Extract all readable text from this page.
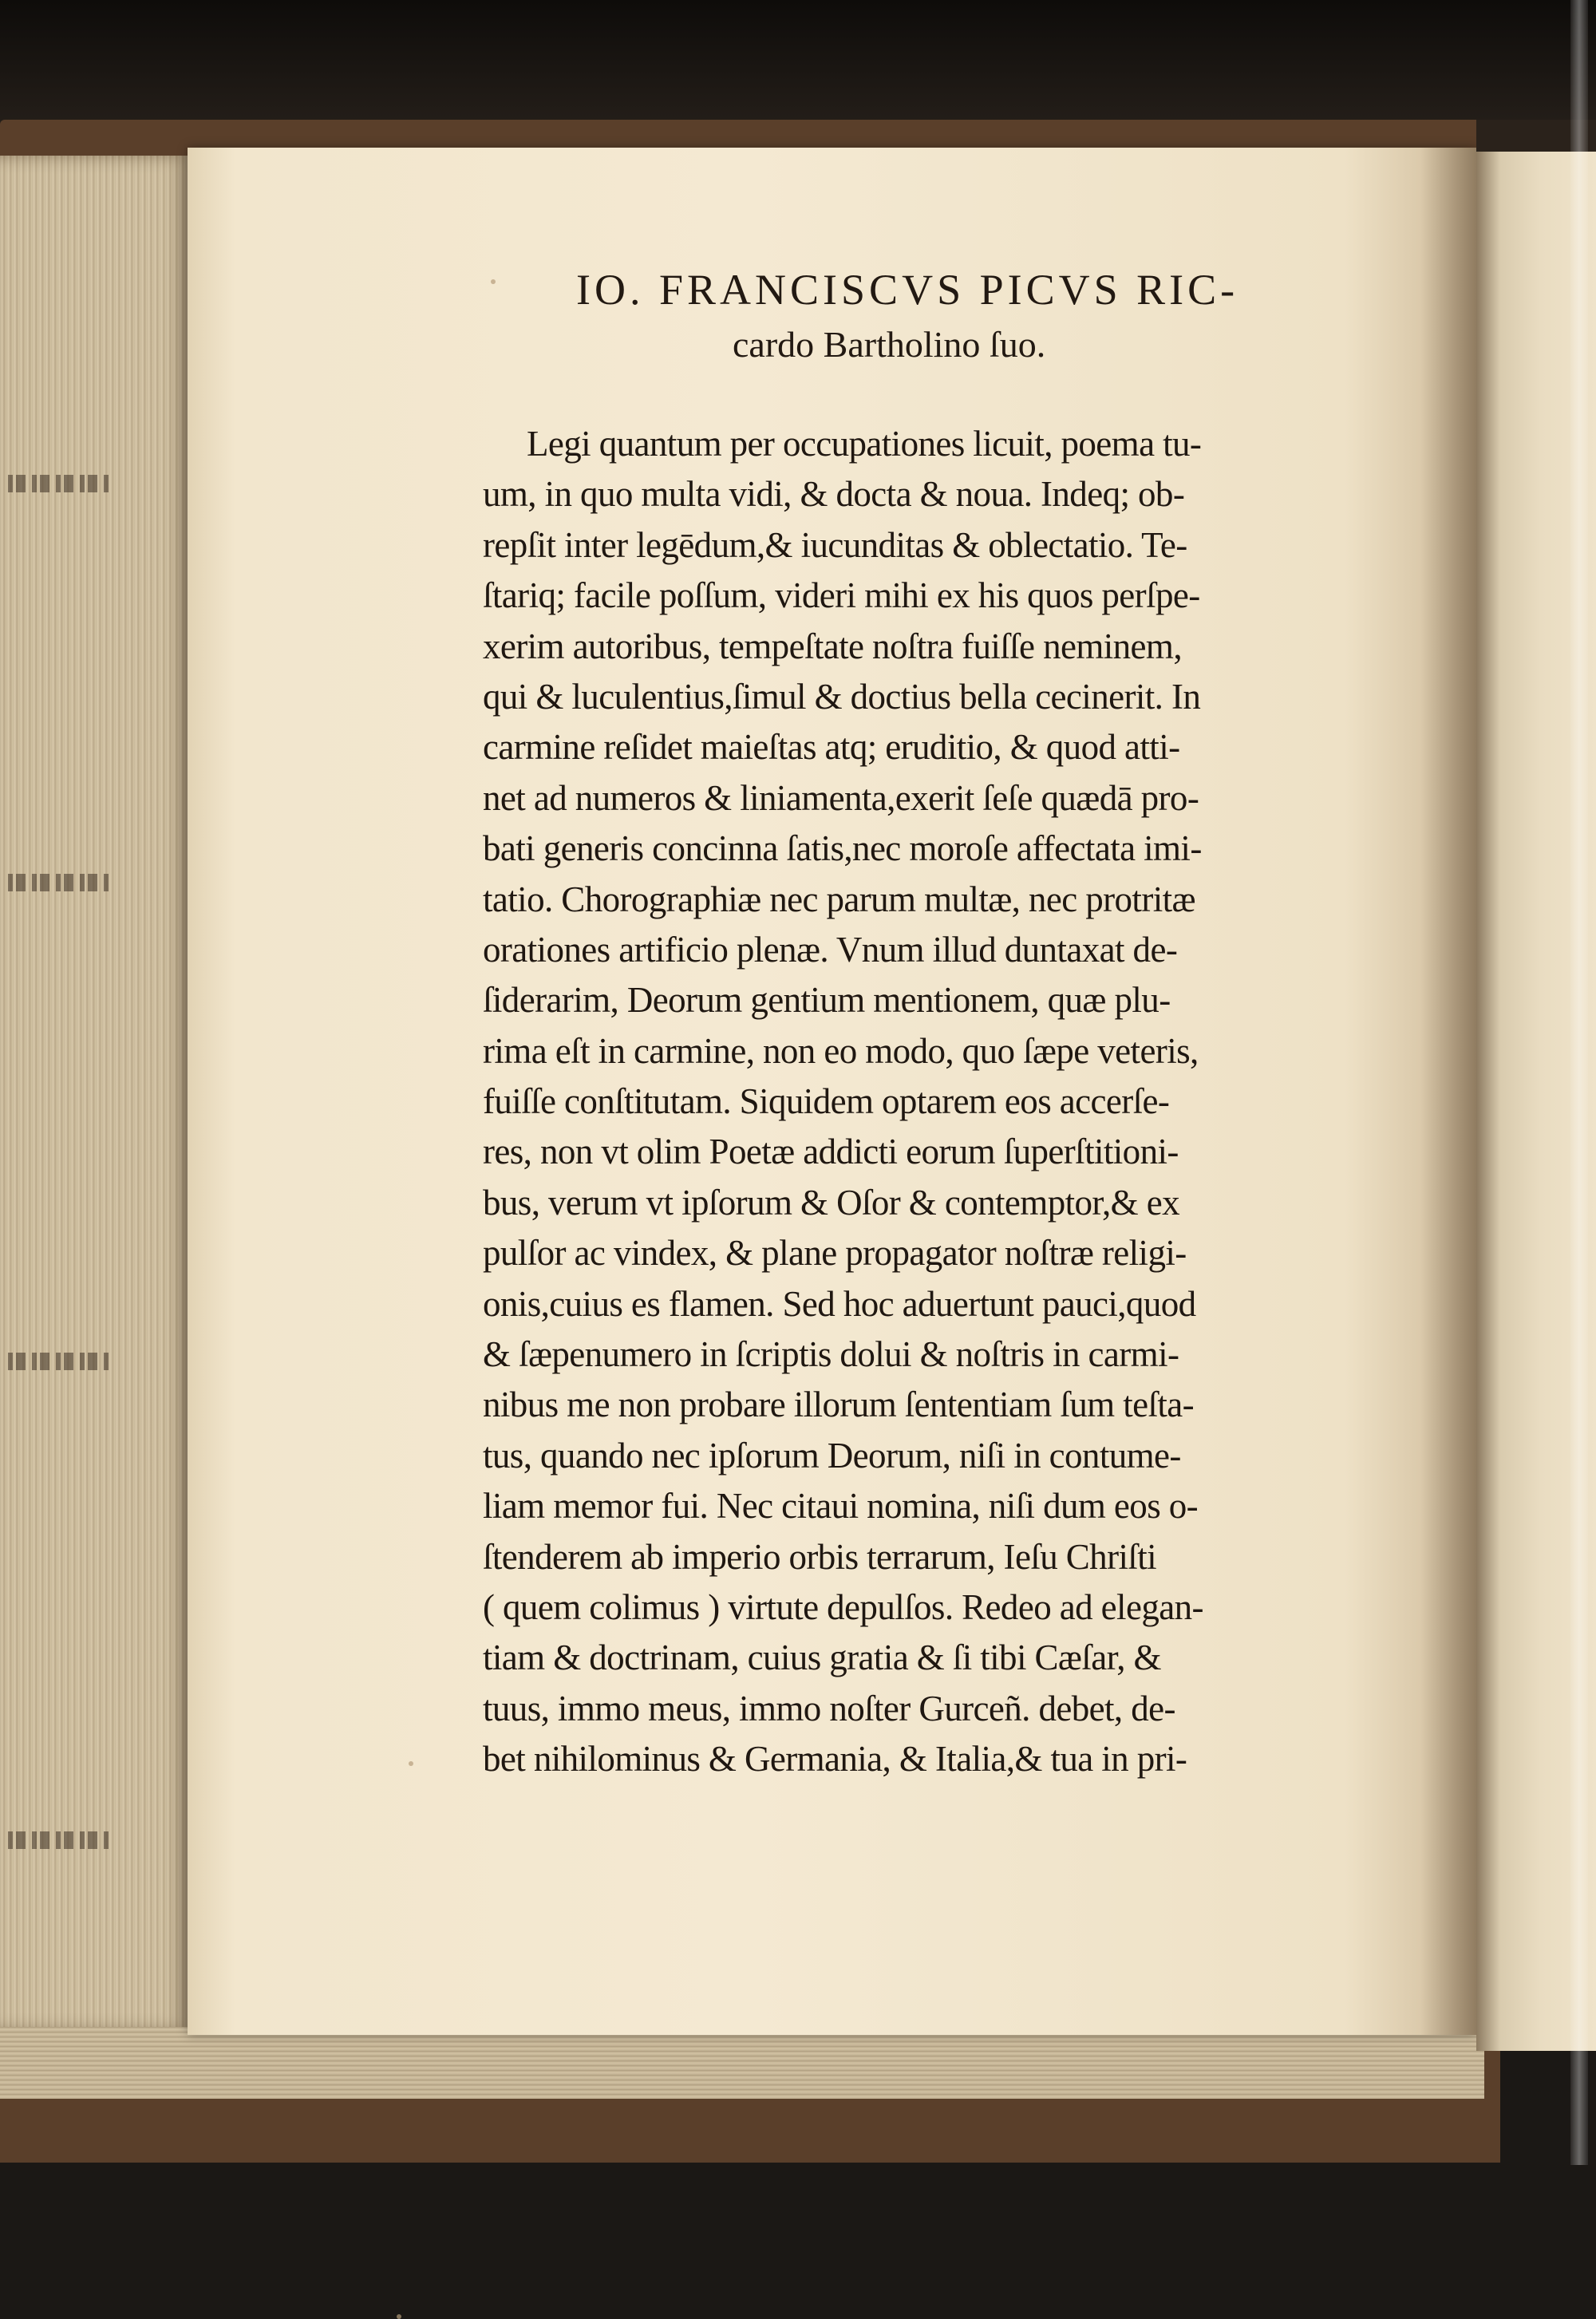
IO. FRANCISCVS PICVS RIC-
cardo Bartholino ſuo.
Legi quantum per occupationes licuit, poema tu-
um, in quo multa vidi, & docta & noua. Indeq; ob-
repſit inter legēdum,& iucunditas & oblectatio. Te-
ſtariq; facile poſſum, videri mihi ex his quos perſpe-
xerim autoribus, tempeſtate noſtra fuiſſe neminem,
qui & luculentius,ſimul & doctius bella cecinerit. In
carmine reſidet maieſtas atq; eruditio, & quod atti-
net ad numeros & liniamenta,exerit ſeſe quædā pro-
bati generis concinna ſatis,nec moroſe affectata imi-
tatio. Chorographiæ nec parum multæ, nec protritæ
orationes artificio plenæ. Vnum illud duntaxat de-
ſiderarim, Deorum gentium mentionem, quæ plu-
rima eſt in carmine, non eo modo, quo ſæpe veteris,
fuiſſe conſtitutam. Siquidem optarem eos accerſe-
res, non vt olim Poetæ addicti eorum ſuperſtitioni-
bus, verum vt ipſorum & Oſor & contemptor,& ex
pulſor ac vindex, & plane propagator noſtræ religi-
onis,cuius es flamen. Sed hoc aduertunt pauci,quod
& ſæpenumero in ſcriptis dolui & noſtris in carmi-
nibus me non probare illorum ſententiam ſum teſta-
tus, quando nec ipſorum Deorum, niſi in contume-
liam memor fui. Nec citaui nomina, niſi dum eos o-
ſtenderem ab imperio orbis terrarum, Ieſu Chriſti
( quem colimus ) virtute depulſos. Redeo ad elegan-
tiam & doctrinam, cuius gratia & ſi tibi Cæſar, &
tuus, immo meus, immo noſter Gurceñ. debet, de-
bet nihilominus & Germania, & Italia,& tua in pri-
